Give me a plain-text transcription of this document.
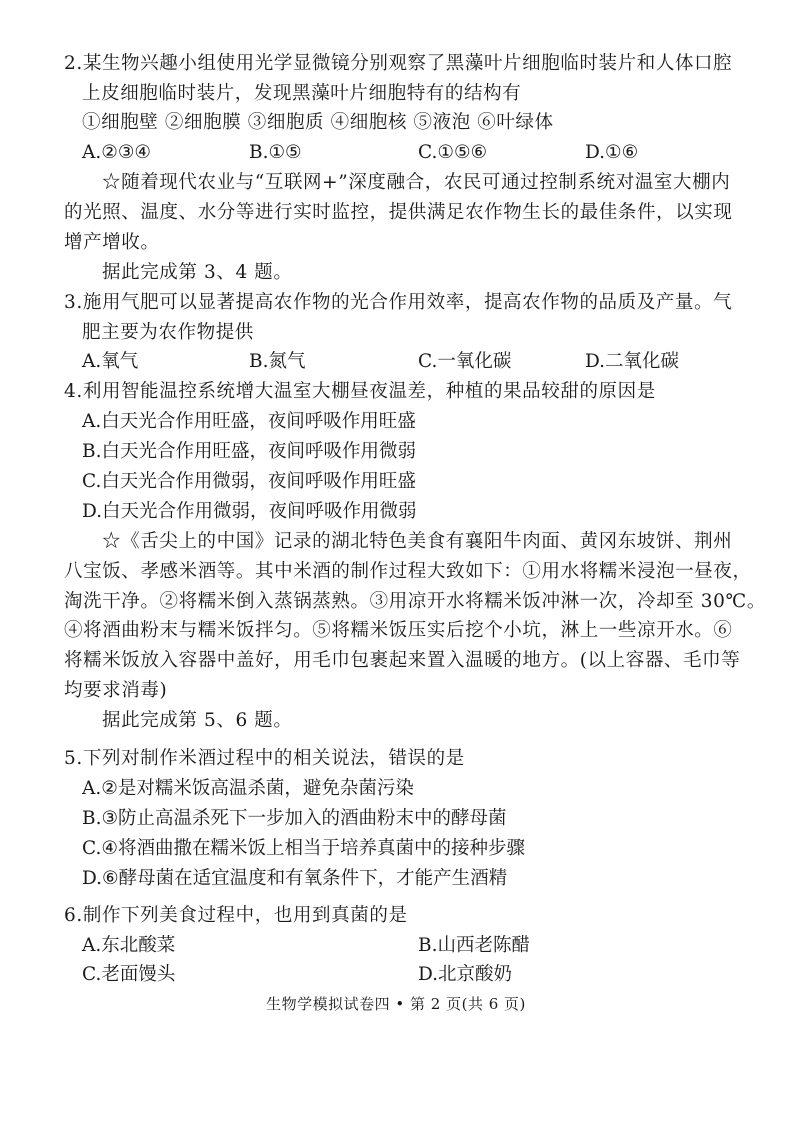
2.某生物兴趣小组使用光学显微镜分别观察了黑藻叶片细胞临时装片和人体口腔
上皮细胞临时装片，发现黑藻叶片细胞特有的结构有
①细胞壁 ②细胞膜 ③细胞质 ④细胞核 ⑤液泡 ⑥叶绿体
A.②③④	B.①⑤	C.①⑤⑥	D.①⑥
☆随着现代农业与“互联网+”深度融合，农民可通过控制系统对温室大棚内
的光照、温度、水分等进行实时监控，提供满足农作物生长的最佳条件，以实现
增产增收。
据此完成第 3、4 题。
3.施用气肥可以显著提高农作物的光合作用效率，提高农作物的品质及产量。气
肥主要为农作物提供
A.氧气	B.氮气	C.一氧化碳	D.二氧化碳
4.利用智能温控系统增大温室大棚昼夜温差，种植的果品较甜的原因是
A.白天光合作用旺盛，夜间呼吸作用旺盛
B.白天光合作用旺盛，夜间呼吸作用微弱
C.白天光合作用微弱，夜间呼吸作用旺盛
D.白天光合作用微弱，夜间呼吸作用微弱
☆《舌尖上的中国》记录的湖北特色美食有襄阳牛肉面、黄冈东坡饼、荆州
八宝饭、孝感米酒等。其中米酒的制作过程大致如下：①用水将糯米浸泡一昼夜，
淘洗干净。②将糯米倒入蒸锅蒸熟。③用凉开水将糯米饭冲淋一次，冷却至 30℃。
④将酒曲粉末与糯米饭拌匀。⑤将糯米饭压实后挖个小坑，淋上一些凉开水。⑥
将糯米饭放入容器中盖好，用毛巾包裹起来置入温暖的地方。(以上容器、毛巾等
均要求消毒)
据此完成第 5、6 题。
5.下列对制作米酒过程中的相关说法，错误的是
A.②是对糯米饭高温杀菌，避免杂菌污染
B.③防止高温杀死下一步加入的酒曲粉末中的酵母菌
C.④将酒曲撒在糯米饭上相当于培养真菌中的接种步骤
D.⑥酵母菌在适宜温度和有氧条件下，才能产生酒精
6.制作下列美食过程中，也用到真菌的是
A.东北酸菜	B.山西老陈醋
C.老面馒头	D.北京酸奶
生物学模拟试卷四 • 第 2 页(共 6 页)
